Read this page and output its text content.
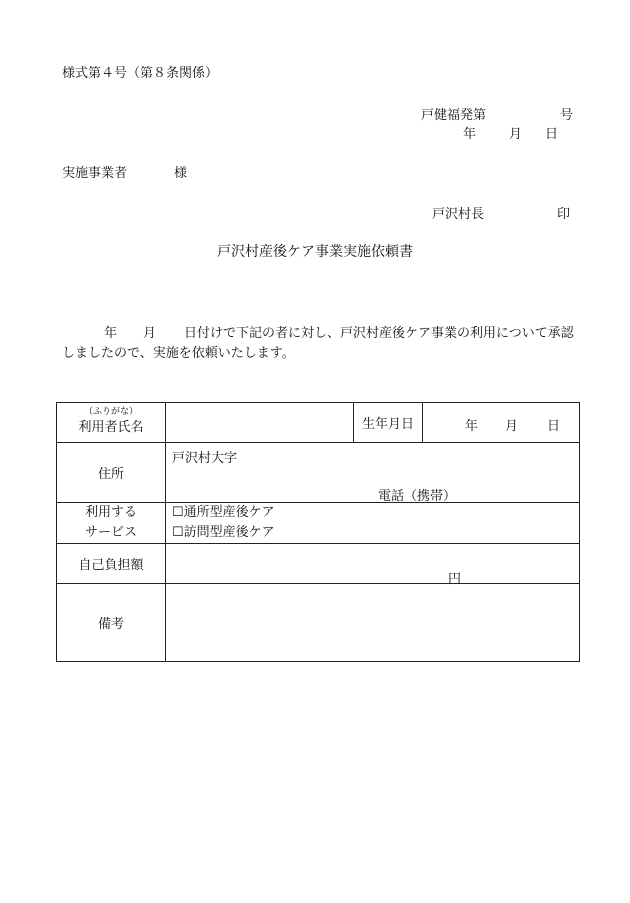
様式第４号（第８条関係）
戸健福発第	号
年	月 日
実施事業者	様
戸沢村長	印
戸沢村産後ケア事業実施依頼書
年 月 日付けで下記の者に対し、戸沢村産後ケア事業の利用について承認しましたので、実施を依頼いたします。
（ふりがな）
利用者氏名		生年月日	年 月 日

住所	戸沢村大字
電話（携帯）		

利用する
サービス	☐通所型産後ケア
☐訪問型産後ケア		

自己負担額	円		

備考			
